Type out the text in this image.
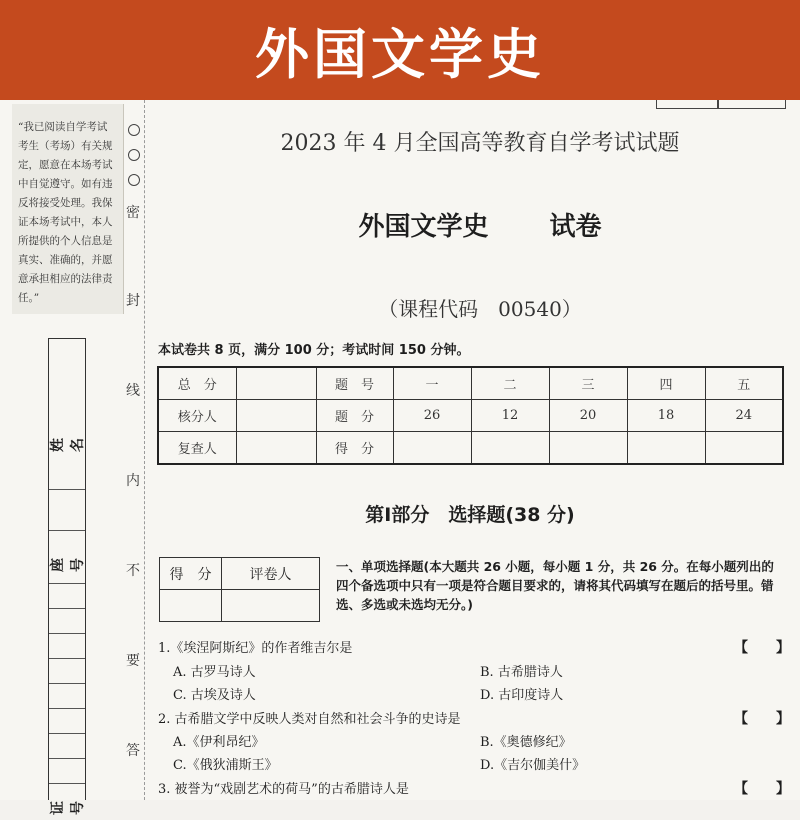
外国文学史
“我已阅读自学考试考生（考场）有关规定，愿意在本场考试中自觉遵守。如有违反将接受处理。我保证本场考试中，本人所提供的个人信息是真实、准确的，并愿意承担相应的法律责任。”
密
封
线
内
不
要
答
姓名
座号
证号
2023 年 4 月全国高等教育自学考试试题
外国文学史 试卷
（课程代码　00540）
本试卷共 8 页，满分 100 分；考试时间 150 分钟。
总　分		题　号	一	二	三	四	五
核分人		题　分	26	12	20	18	24
复查人		得　分					
第Ⅰ部分　选择题(38 分)
得　分	评卷人
		一、单项选择题(本大题共 26 小题，每小题 1 分，共 26 分。在每小题列出的四个备选项中只有一项是符合题目要求的，请将其代码填写在题后的括号里。错选、多选或未选均无分。)
1.《埃涅阿斯纪》的作者维吉尔是	【　　】
A. 古罗马诗人	B. 古希腊诗人
C. 古埃及诗人	D. 古印度诗人
2. 古希腊文学中反映人类对自然和社会斗争的史诗是	【　　】
A.《伊利昂纪》	B.《奥德修纪》
C.《俄狄浦斯王》	D.《吉尔伽美什》
3. 被誉为“戏剧艺术的荷马”的古希腊诗人是	【　　】
